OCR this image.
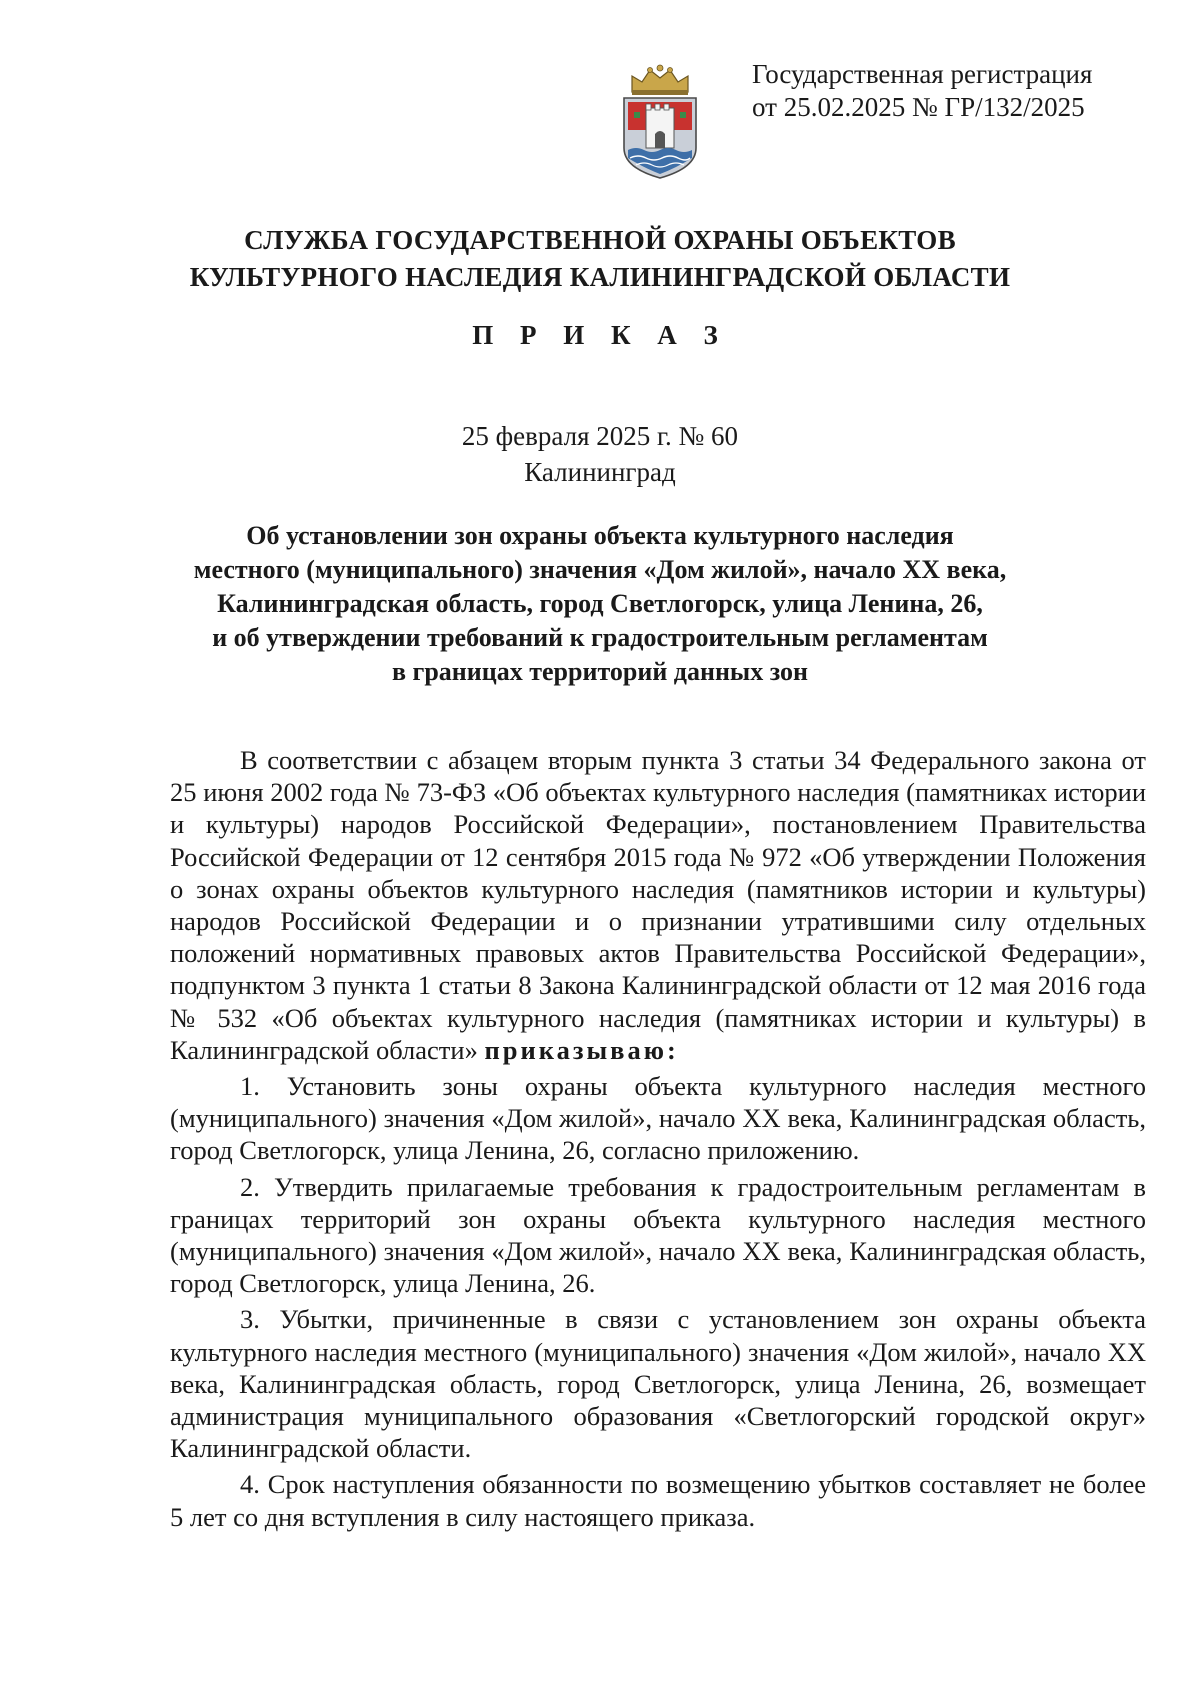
Государственная регистрация
от 25.02.2025 № ГР/132/2025
СЛУЖБА ГОСУДАРСТВЕННОЙ ОХРАНЫ ОБЪЕКТОВ
КУЛЬТУРНОГО НАСЛЕДИЯ КАЛИНИНГРАДСКОЙ ОБЛАСТИ
П Р И К А З
25 февраля 2025 г. № 60
Калининград
Об установлении зон охраны объекта культурного наследия
местного (муниципального) значения «Дом жилой», начало XX века,
Калининградская область, город Светлогорск, улица Ленина, 26,
и об утверждении требований к градостроительным регламентам
в границах территорий данных зон

В соответствии с абзацем вторым пункта 3 статьи 34 Федерального закона от 25 июня 2002 года № 73-ФЗ «Об объектах культурного наследия (памятниках истории и культуры) народов Российской Федерации», постановлением Правительства Российской Федерации от 12 сентября 2015 года № 972 «Об утверждении Положения о зонах охраны объектов культурного наследия (памятников истории и культуры) народов Российской Федерации и о признании утратившими силу отдельных положений нормативных правовых актов Правительства Российской Федерации», подпунктом 3 пункта 1 статьи 8 Закона Калининградской области от 12 мая 2016 года № 532 «Об объектах культурного наследия (памятниках истории и культуры) в Калининградской области» приказываю:

1. Установить зоны охраны объекта культурного наследия местного (муниципального) значения «Дом жилой», начало XX века, Калининградская область, город Светлогорск, улица Ленина, 26, согласно приложению.

2. Утвердить прилагаемые требования к градостроительным регламентам в границах территорий зон охраны объекта культурного наследия местного (муниципального) значения «Дом жилой», начало XX века, Калининградская область, город Светлогорск, улица Ленина, 26.

3. Убытки, причиненные в связи с установлением зон охраны объекта культурного наследия местного (муниципального) значения «Дом жилой», начало XX века, Калининградская область, город Светлогорск, улица Ленина, 26, возмещает администрация муниципального образования «Светлогорский городской округ» Калининградской области.

4. Срок наступления обязанности по возмещению убытков составляет не более 5 лет со дня вступления в силу настоящего приказа.
